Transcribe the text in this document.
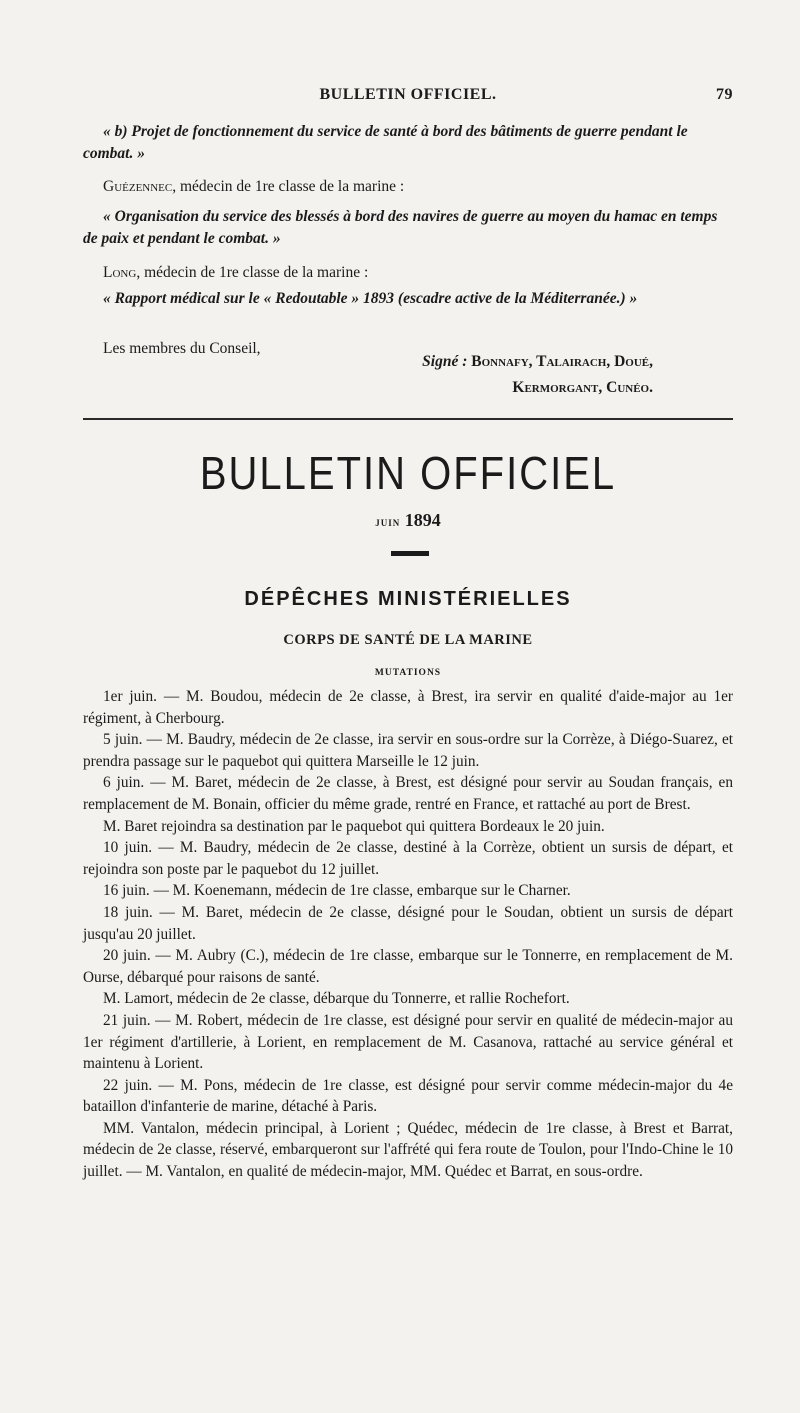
BULLETIN OFFICIEL.	79
« b) Projet de fonctionnement du service de santé à bord des bâtiments de guerre pendant le combat. »
Guézennec, médecin de 1re classe de la marine :
« Organisation du service des blessés à bord des navires de guerre au moyen du hamac en temps de paix et pendant le combat. »
Long, médecin de 1re classe de la marine :
« Rapport médical sur le « Redoutable » 1893 (escadre active de la Méditerranée.) »
Les membres du Conseil,
Signé : Bonnafy, Talairach, Doué,
Kermorgant, Cunéo.
BULLETIN OFFICIEL
juin 1894
DÉPÊCHES MINISTÉRIELLES
CORPS DE SANTÉ DE LA MARINE
MUTATIONS

1er juin. — M. Boudou, médecin de 2e classe, à Brest, ira servir en qualité d'aide-major au 1er régiment, à Cherbourg.

5 juin. — M. Baudry, médecin de 2e classe, ira servir en sous-ordre sur la Corrèze, à Diégo-Suarez, et prendra passage sur le paquebot qui quittera Marseille le 12 juin.

6 juin. — M. Baret, médecin de 2e classe, à Brest, est désigné pour servir au Soudan français, en remplacement de M. Bonain, officier du même grade, rentré en France, et rattaché au port de Brest.

M. Baret rejoindra sa destination par le paquebot qui quittera Bordeaux le 20 juin.

10 juin. — M. Baudry, médecin de 2e classe, destiné à la Corrèze, obtient un sursis de départ, et rejoindra son poste par le paquebot du 12 juillet.

16 juin. — M. Koenemann, médecin de 1re classe, embarque sur le Charner.

18 juin. — M. Baret, médecin de 2e classe, désigné pour le Soudan, obtient un sursis de départ jusqu'au 20 juillet.

20 juin. — M. Aubry (C.), médecin de 1re classe, embarque sur le Tonnerre, en remplacement de M. Ourse, débarqué pour raisons de santé.

M. Lamort, médecin de 2e classe, débarque du Tonnerre, et rallie Rochefort.

21 juin. — M. Robert, médecin de 1re classe, est désigné pour servir en qualité de médecin-major au 1er régiment d'artillerie, à Lorient, en remplacement de M. Casanova, rattaché au service général et maintenu à Lorient.

22 juin. — M. Pons, médecin de 1re classe, est désigné pour servir comme médecin-major du 4e bataillon d'infanterie de marine, détaché à Paris.

MM. Vantalon, médecin principal, à Lorient ; Quédec, médecin de 1re classe, à Brest et Barrat, médecin de 2e classe, réservé, embarqueront sur l'affrété qui fera route de Toulon, pour l'Indo-Chine le 10 juillet. — M. Vantalon, en qualité de médecin-major, MM. Quédec et Barrat, en sous-ordre.
